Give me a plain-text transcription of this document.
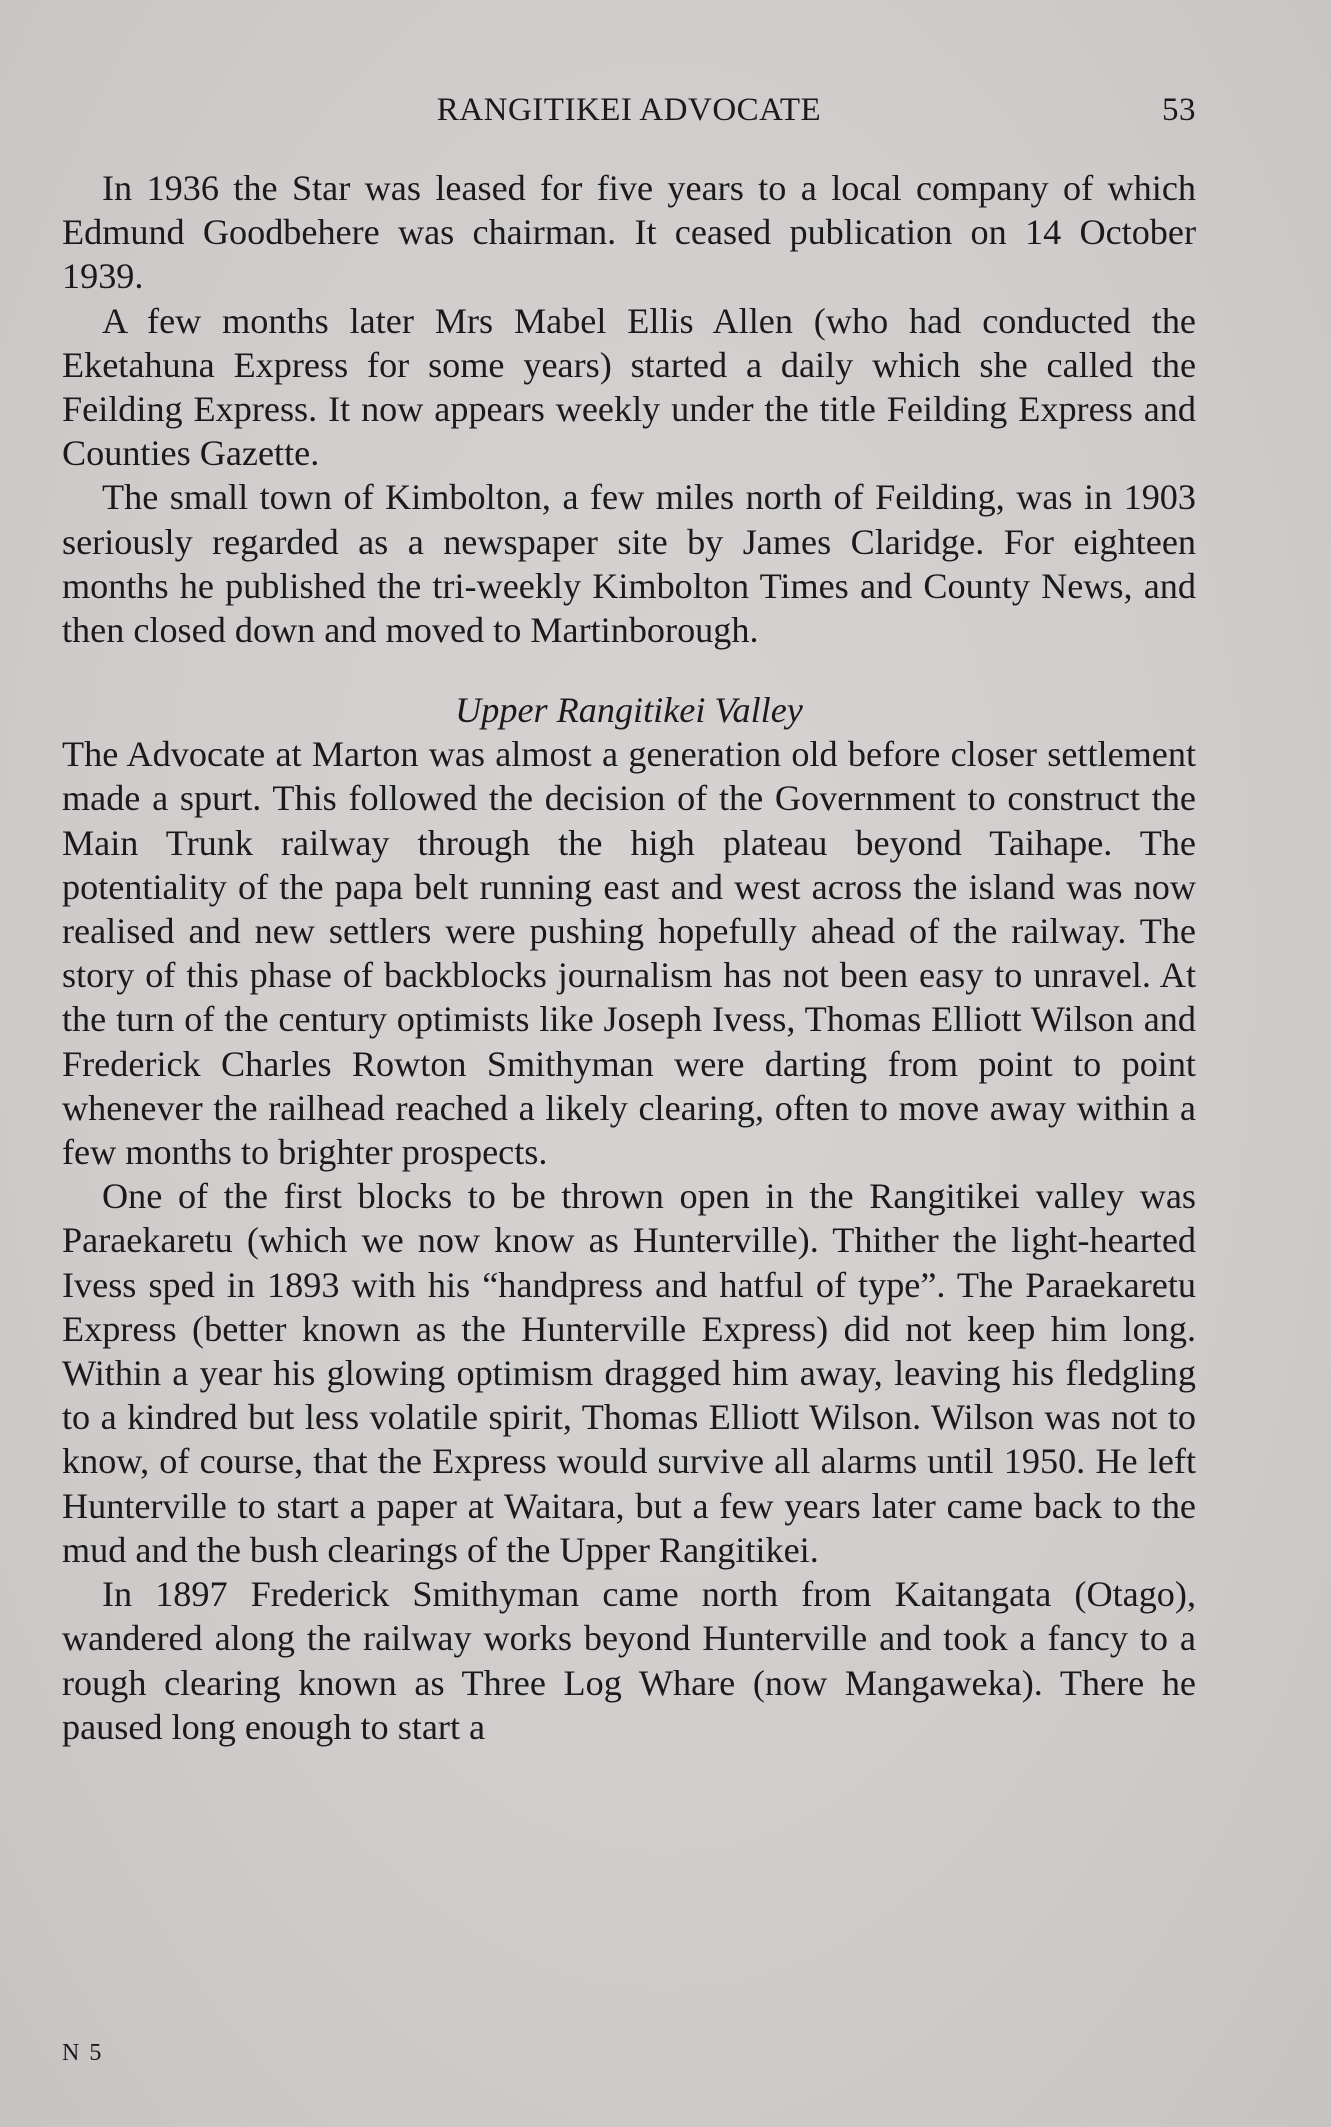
RANGITIKEI ADVOCATE	53

In 1936 the Star was leased for five years to a local company of which Edmund Goodbehere was chairman. It ceased publication on 14 October 1939.

A few months later Mrs Mabel Ellis Allen (who had conducted the Eketahuna Express for some years) started a daily which she called the Feilding Express. It now appears weekly under the title Feilding Express and Counties Gazette.

The small town of Kimbolton, a few miles north of Feilding, was in 1903 seriously regarded as a newspaper site by James Claridge. For eighteen months he published the tri-weekly Kimbolton Times and County News, and then closed down and moved to Martinborough.

Upper Rangitikei Valley

The Advocate at Marton was almost a generation old before closer settlement made a spurt. This followed the decision of the Government to construct the Main Trunk railway through the high plateau beyond Taihape. The potentiality of the papa belt running east and west across the island was now realised and new settlers were pushing hopefully ahead of the railway. The story of this phase of backblocks journalism has not been easy to unravel. At the turn of the century optimists like Joseph Ivess, Thomas Elliott Wilson and Frederick Charles Rowton Smithyman were darting from point to point whenever the railhead reached a likely clearing, often to move away within a few months to brighter prospects.

One of the first blocks to be thrown open in the Rangitikei valley was Paraekaretu (which we now know as Hunterville). Thither the light-hearted Ivess sped in 1893 with his “handpress and hatful of type”. The Paraekaretu Express (better known as the Hunterville Express) did not keep him long. Within a year his glowing optimism dragged him away, leaving his fledgling to a kindred but less volatile spirit, Thomas Elliott Wilson. Wilson was not to know, of course, that the Express would survive all alarms until 1950. He left Hunterville to start a paper at Waitara, but a few years later came back to the mud and the bush clearings of the Upper Rangitikei.

In 1897 Frederick Smithyman came north from Kaitangata (Otago), wandered along the railway works beyond Hunterville and took a fancy to a rough clearing known as Three Log Whare (now Mangaweka). There he paused long enough to start a

N 5
